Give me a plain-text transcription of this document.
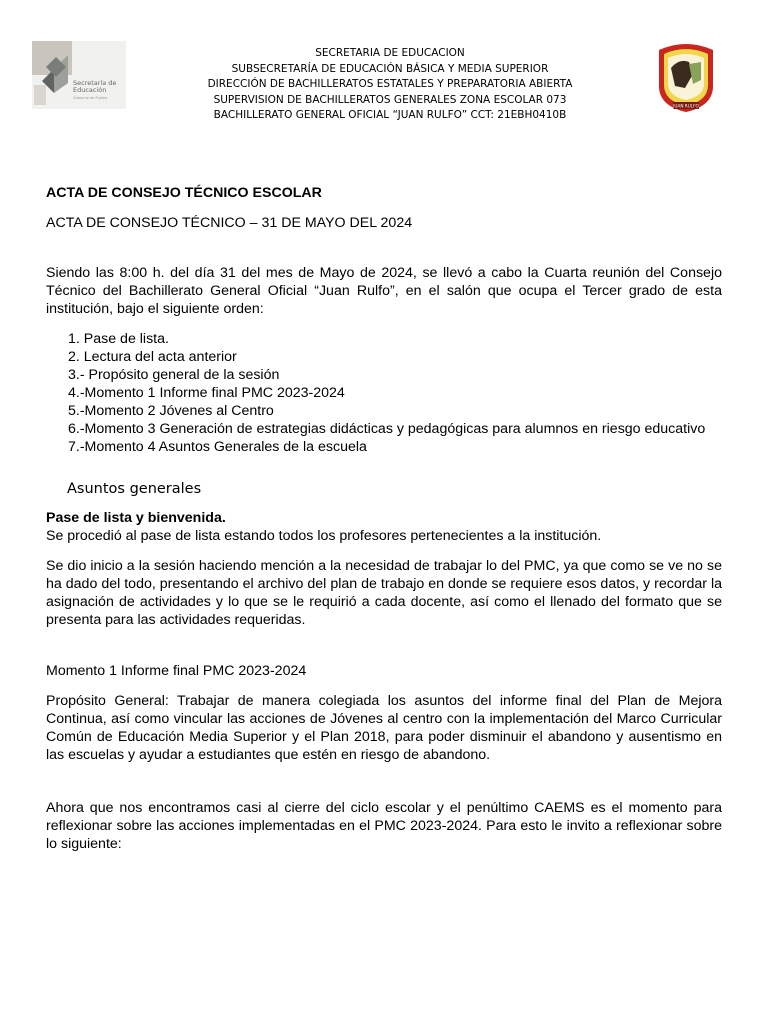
Secretaría de Educación
Gobierno de Puebla
SECRETARIA DE EDUCACION
SUBSECRETARÍA DE EDUCACIÓN BÁSICA Y MEDIA SUPERIOR
DIRECCIÓN DE BACHILLERATOS ESTATALES Y PREPARATORIA ABIERTA
SUPERVISION DE BACHILLERATOS GENERALES ZONA ESCOLAR 073
BACHILLERATO GENERAL OFICIAL “JUAN RULFO” CCT: 21EBH0410B
JUAN RULFO

ACTA DE CONSEJO TÉCNICO ESCOLAR

ACTA DE CONSEJO TÉCNICO – 31 DE MAYO DEL 2024

Siendo las 8:00 h. del día 31 del mes de Mayo de 2024, se llevó a cabo la Cuarta reunión del Consejo Técnico del Bachillerato General Oficial “Juan Rulfo”, en el salón que ocupa el Tercer grado de esta institución, bajo el siguiente orden:

1. Pase de lista.
2. Lectura del acta anterior
3.- Propósito general de la sesión
4.-Momento 1 Informe final PMC 2023-2024
5.-Momento 2 Jóvenes al Centro
6.-Momento 3 Generación de estrategias didácticas y pedagógicas para alumnos en riesgo educativo
7.-Momento 4 Asuntos Generales de la escuela

Asuntos generales

Pase de lista y bienvenida.

Se procedió al pase de lista estando todos los profesores pertenecientes a la institución.

Se dio inicio a la sesión haciendo mención a la necesidad de trabajar lo del PMC, ya que como se ve no se ha dado del todo, presentando el archivo del plan de trabajo en donde se requiere esos datos, y recordar la asignación de actividades y lo que se le requirió a cada docente, así como el llenado del formato que se presenta para las actividades requeridas.

Momento 1 Informe final PMC 2023-2024

Propósito General: Trabajar de manera colegiada los asuntos del informe final del Plan de Mejora Continua, así como vincular las acciones de Jóvenes al centro con la implementación del Marco Curricular Común de Educación Media Superior y el Plan 2018, para poder disminuir el abandono y ausentismo en las escuelas y ayudar a estudiantes que estén en riesgo de abandono.

Ahora que nos encontramos casi al cierre del ciclo escolar y el penúltimo CAEMS es el momento para reflexionar sobre las acciones implementadas en el PMC 2023-2024. Para esto le invito a reflexionar sobre lo siguiente:
